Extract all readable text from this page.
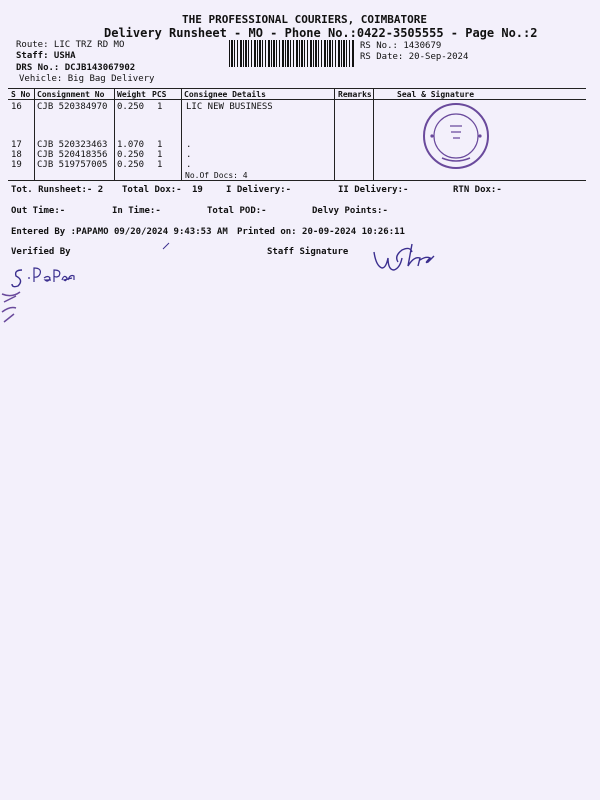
THE PROFESSIONAL COURIERS, COIMBATORE
Delivery Runsheet - MO - Phone No.:0422-3505555 - Page No.:2
Route: LIC TRZ RD MO
Staff: USHA
DRS No.: DCJB143067902
Vehicle: Big Bag Delivery
RS No.: 1430679
RS Date: 20-Sep-2024
S No Consignment No Weight PCS Consignee Details	Remarks	Seal & Signature
16 CJB 520384970 0.250 1	LIC NEW BUSINESS
17 CJB 520323463 1.070 1	.
18 CJB 520418356 0.250 1	.
19 CJB 519757005 0.250 1	.
No.Of Docs: 4
Tot. Runsheet:- 2 Total Dox:- 19	I Delivery:-	II Delivery:-	RTN Dox:-
Out Time:-	In Time:-	Total POD:-	Delvy Points:-
Entered By :PAPAMO 09/20/2024 9:43:53 AM Printed on: 20-09-2024 10:26:11
Verified By	Staff Signature
